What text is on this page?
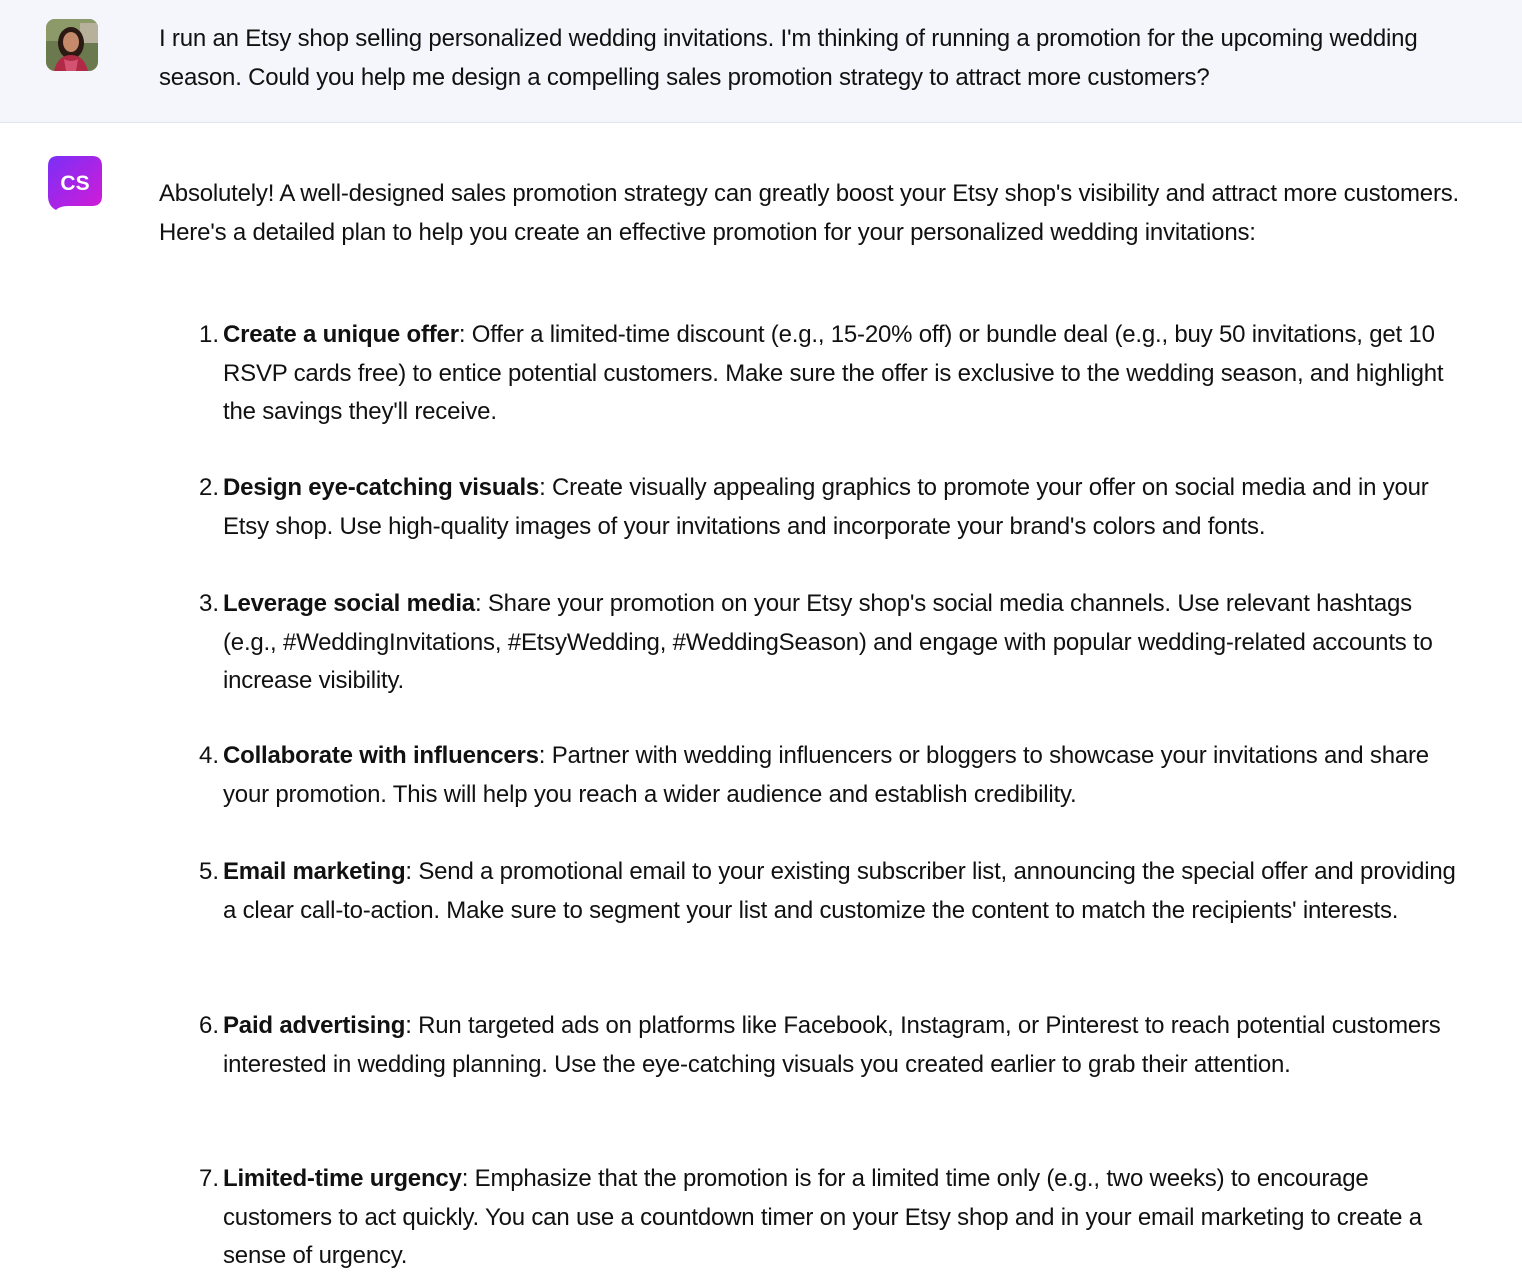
I run an Etsy shop selling personalized wedding invitations. I'm thinking of running a promotion for the upcoming wedding season. Could you help me design a compelling sales promotion strategy to attract more customers?
CS	Absolutely! A well-designed sales promotion strategy can greatly boost your Etsy shop's visibility and attract more customers. Here's a detailed plan to help you create an effective promotion for your personalized wedding invitations:

1. Create a unique offer: Offer a limited-time discount (e.g., 15-20% off) or bundle deal (e.g., buy 50 invitations, get 10 RSVP cards free) to entice potential customers. Make sure the offer is exclusive to the wedding season, and highlight the savings they'll receive.
2. Design eye-catching visuals: Create visually appealing graphics to promote your offer on social media and in your Etsy shop. Use high-quality images of your invitations and incorporate your brand's colors and fonts.
3. Leverage social media: Share your promotion on your Etsy shop's social media channels. Use relevant hashtags (e.g., #WeddingInvitations, #EtsyWedding, #WeddingSeason) and engage with popular wedding-related accounts to increase visibility.
4. Collaborate with influencers: Partner with wedding influencers or bloggers to showcase your invitations and share your promotion. This will help you reach a wider audience and establish credibility.
5. Email marketing: Send a promotional email to your existing subscriber list, announcing the special offer and providing a clear call-to-action. Make sure to segment your list and customize the content to match the recipients' interests.
6. Paid advertising: Run targeted ads on platforms like Facebook, Instagram, or Pinterest to reach potential customers interested in wedding planning. Use the eye-catching visuals you created earlier to grab their attention.
7. Limited-time urgency: Emphasize that the promotion is for a limited time only (e.g., two weeks) to encourage customers to act quickly. You can use a countdown timer on your Etsy shop and in your email marketing to create a sense of urgency.
